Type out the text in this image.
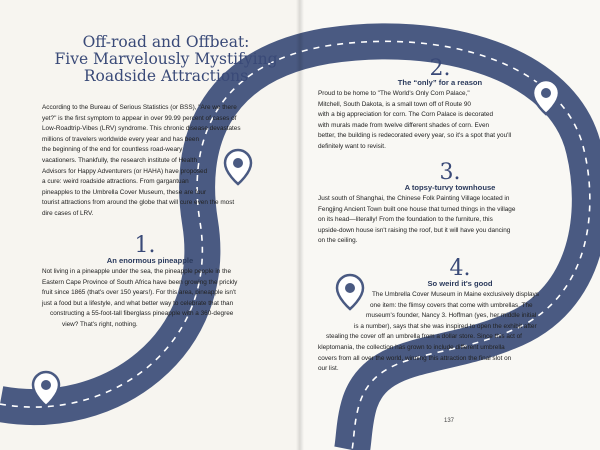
Off-road and Offbeat:
Five Marvelously Mystifying
Roadside Attractions
According to the Bureau of Serious Statistics (or BSS), "Are we there
yet?" is the first symptom to appear in over 99.99 percent of cases of
Low-Roadtrip-Vibes (LRV) syndrome. This chronic disease devastates
millions of travelers worldwide every year and has been
the beginning of the end for countless road-weary
vacationers. Thankfully, the research institute of Health
Advisors for Happy Adventurers (or HAHA) have proposed
a cure: weird roadside attractions. From gargantuan
pineapples to the Umbrella Cover Museum, these are four
tourist attractions from around the globe that will cure even the most
dire cases of LRV.
1.
An enormous pineapple
Not living in a pineapple under the sea, the pineapple people in the
Eastern Cape Province of South Africa have been growing the prickly
fruit since 1865 (that's over 150 years!). For this area, pineapple isn't
just a food but a lifestyle, and what better way to celebrate that than
constructing a 55-foot-tall fiberglass pineapple with a 360-degree
view? That's right, nothing.
2.
The “only” for a reason
Proud to be home to "The World's Only Corn Palace,"
Mitchell, South Dakota, is a small town off of Route 90
with a big appreciation for corn. The Corn Palace is decorated
with murals made from twelve different shades of corn. Even
better, the building is redecorated every year, so it's a spot that you'll
definitely want to revisit.
3.
A topsy-turvy townhouse
Just south of Shanghai, the Chinese Folk Painting Village located in
Fengjing Ancient Town built one house that turned things in the village
on its head—literally! From the foundation to the furniture, this
upside-down house isn't raising the roof, but it will have you dancing
on the ceiling.
4.
So weird it's good
The Umbrella Cover Museum in Maine exclusively displays
one item: the flimsy covers that come with umbrellas. The
museum's founder, Nancy 3. Hoffman (yes, her middle initial
is a number), says that she was inspired to open the exhibit after
stealing the cover off an umbrella from a dollar store. Since this act of
kleptomania, the collection has grown to include different umbrella
covers from all over the world, winning this attraction the final slot on
our list.
137
